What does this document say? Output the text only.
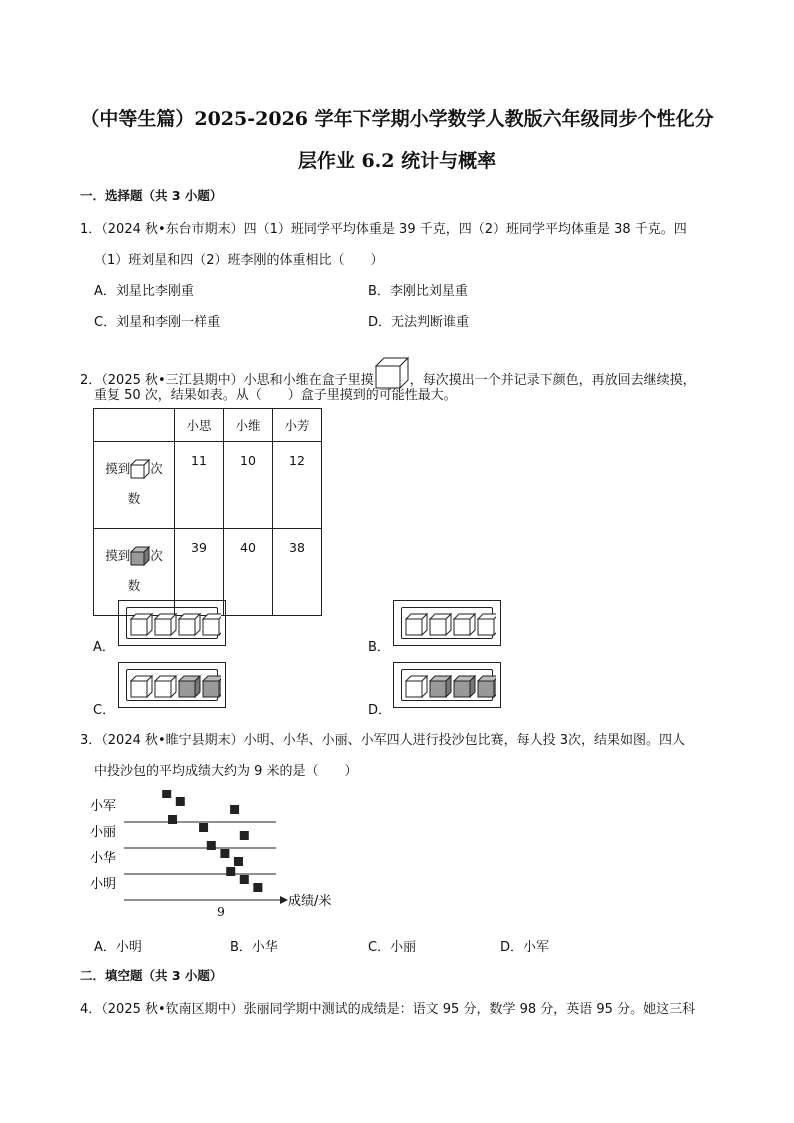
（中等生篇）2025-2026 学年下学期小学数学人教版六年级同步个性化分
层作业 6.2 统计与概率
一．选择题（共 3 小题）
1．（2024 秋•东台市期末）四（1）班同学平均体重是 39 千克，四（2）班同学平均体重是 38 千克。四
（1）班刘星和四（2）班李刚的体重相比（　　）
A．刘星比李刚重	B．李刚比刘星重
C．刘星和李刚一样重	D．无法判断谁重
2．（2025 秋•三江县期中）小思和小维在盒子里摸	，每次摸出一个并记录下颜色，再放回去继续摸，
重复 50 次，结果如表。从（　　）盒子里摸到的可能性最大。
	小思	小维	小芳

摸到 次
数	11	10	12

摸到 次
数	39	40	38
A．	B．
C．	D．
3．（2024 秋•睢宁县期末）小明、小华、小丽、小军四人进行投沙包比赛，每人投 3次，结果如图。四人
中投沙包的平均成绩大约为 9 米的是（　　）
小军
小丽
小华
小明
成绩/米
9
A．小明	B．小华	C．小丽	D．小军
二．填空题（共 3 小题）
4．（2025 秋•钦南区期中）张丽同学期中测试的成绩是：语文 95 分，数学 98 分，英语 95 分。她这三科
